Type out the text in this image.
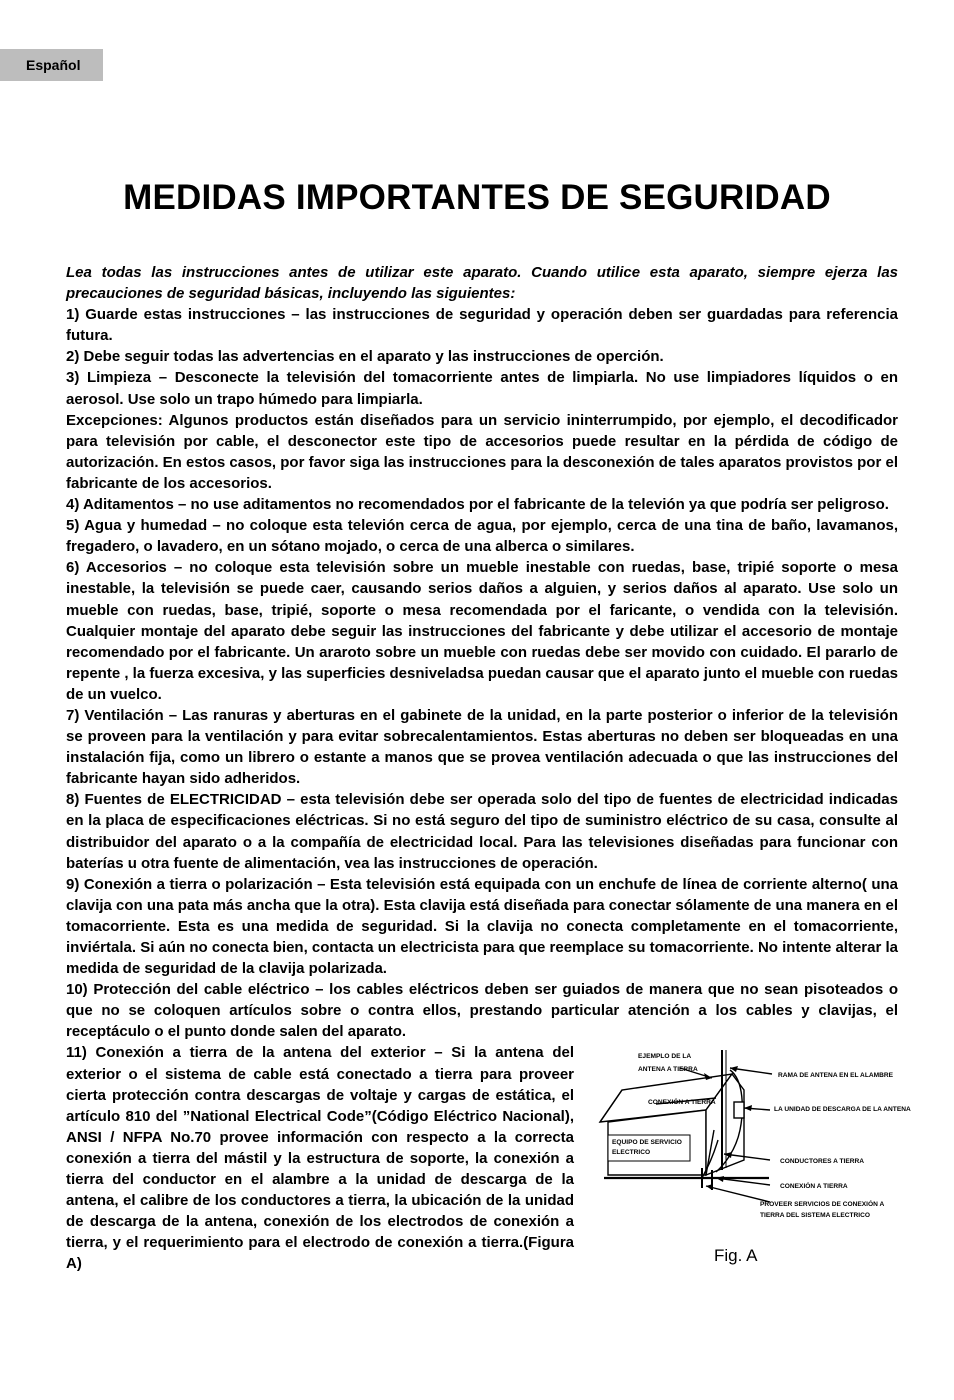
Español
MEDIDAS IMPORTANTES DE SEGURIDAD

Lea todas las instrucciones antes de utilizar este aparato. Cuando utilice esta aparato, siempre ejerza las precauciones de seguridad básicas, incluyendo las siguientes:

1) Guarde estas instrucciones – las instrucciones de seguridad y operación deben ser guardadas para referencia futura.

2) Debe seguir todas las advertencias en el aparato y las instrucciones de operción.

3) Limpieza – Desconecte la televisión del tomacorriente antes de limpiarla. No use limpiadores líquidos o en aerosol. Use solo un trapo húmedo para limpiarla.

Excepciones: Algunos productos están diseñados para un servicio ininterrumpido, por ejemplo, el decodificador para televisión por cable, el desconector este tipo de accesorios puede resultar en la pérdida de código de autorización. En estos casos, por favor siga las instrucciones para la desconexión de tales aparatos provistos por el fabricante de los accesorios.

4) Aditamentos – no use aditamentos no recomendados por el fabricante de la televión ya que podría ser peligroso.

5) Agua y humedad – no coloque esta televión cerca de agua, por ejemplo, cerca de una tina de baño, lavamanos, fregadero, o lavadero, en un sótano mojado, o cerca de una alberca o similares.

6) Accesorios – no coloque esta televisión sobre un mueble inestable con ruedas, base, tripié soporte o mesa inestable, la televisión se puede caer, causando serios daños a alguien, y serios daños al aparato. Use solo un mueble con ruedas, base, tripié, soporte o mesa recomendada por el faricante, o vendida con la televisión. Cualquier montaje del aparato debe seguir las instrucciones del fabricante y debe utilizar el accesorio de montaje recomendado por el fabricante. Un araroto sobre un mueble con ruedas debe ser movido con cuidado. El pararlo de repente , la fuerza excesiva, y las superficies desniveladsa puedan causar que el aparato junto el mueble con ruedas de un vuelco.

7) Ventilación – Las ranuras y aberturas en el gabinete de la unidad, en la parte posterior o inferior de la televisión se proveen para la ventilación y para evitar sobrecalentamientos. Estas aberturas no deben ser bloqueadas en una instalación fija, como un librero o estante a manos que se provea ventilación adecuada o que las instrucciones del fabricante hayan sido adheridos.

8) Fuentes de ELECTRICIDAD – esta televisión debe ser operada solo del tipo de fuentes de electricidad indicadas en la placa de especificaciones eléctricas. Si no está seguro del tipo de suministro eléctrico de su casa, consulte al distribuidor del aparato o a la compañía de electricidad local. Para las televisiones diseñadas para funcionar con baterías u otra fuente de alimentación, vea las instrucciones de operación.

9) Conexión a tierra o polarización – Esta televisión está equipada con un enchufe de línea de corriente alterno( una clavija con una pata más ancha que la otra). Esta clavija está diseñada para conectar sólamente de una manera en el tomacorriente. Esta es una medida de seguridad. Si la clavija no conecta completamente en el tomacorriente, inviértala. Si aún no conecta bien, contacta un electricista para que reemplace su tomacorriente. No intente alterar la medida de seguridad de la clavija polarizada.

10) Protección del cable eléctrico – los cables eléctricos deben ser guiados de manera que no sean pisoteados o que no se coloquen artículos sobre o contra ellos, prestando particular atención a los cables y clavijas, el receptáculo o el punto donde salen del aparato.

11) Conexión a tierra de la antena del exterior – Si la antena del exterior o el sistema de cable está conectado a tierra para proveer cierta protección contra descargas de voltaje y cargas de estática, el artículo 810 del ”National Electrical Code”(Código Eléctrico Nacional), ANSI / NFPA No.70 provee información con respecto a la correcta conexión a tierra del mástil y la estructura de soporte, la conexión a tierra del conductor en el alambre a la unidad de descarga de la antena, el calibre de los conductores a tierra, la ubicación de la unidad de descarga de la antena, conexión de los electrodos de conexión a tierra, y el requerimiento para el electrodo de conexión a tierra.(Figura A)

EJEMPLO DE LA
ANTENA A TIERRA
RAMA DE ANTENA EN EL ALAMBRE
CONEXIÓN A TIERRA
LA UNIDAD DE DESCARGA DE LA ANTENA
EQUIPO DE SERVICIO
ELECTRICO
CONDUCTORES A TIERRA
CONEXIÓN A TIERRA
PROVEER SERVICIOS DE CONEXIÓN A
TIERRA DEL SISTEMA ELECTRICO
Fig. A
